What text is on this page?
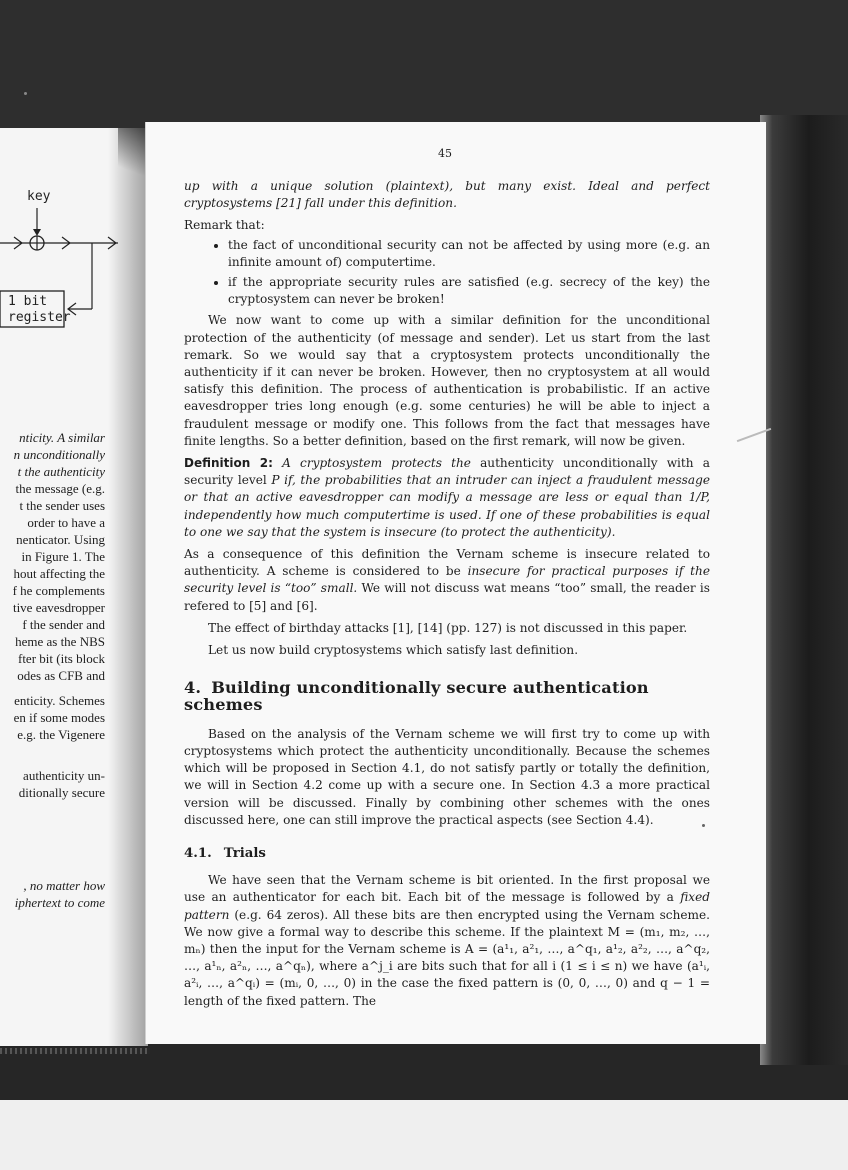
key
1 bit
register
nticity. A similar
n unconditionally
t the authenticity
the message (e.g.
t the sender uses
order to have a
nenticator. Using
in Figure 1. The
hout affecting the
f he complements
tive eavesdropper
f the sender and
heme as the NBS
fter bit (its block
odes as CFB and
enticity. Schemes
en if some modes
e.g. the Vigenere
authenticity un-
ditionally secure
, no matter how
iphertext to come
45

up with a unique solution (plaintext), but many exist. Ideal and perfect cryptosystems [21] fall under this definition.

Remark that:

• the fact of unconditional security can not be affected by using more (e.g. an infinite amount of) computertime.
• if the appropriate security rules are satisfied (e.g. secrecy of the key) the cryptosystem can never be broken!

We now want to come up with a similar definition for the unconditional protection of the authenticity (of message and sender). Let us start from the last remark. So we would say that a cryptosystem protects unconditionally the authenticity if it can never be broken. However, then no cryptosystem at all would satisfy this definition. The process of authentication is probabilistic. If an active eavesdropper tries long enough (e.g. some centuries) he will be able to inject a fraudulent message or modify one. This follows from the fact that messages have finite lengths. So a better definition, based on the first remark, will now be given.

Definition 2: A cryptosystem protects the authenticity unconditionally with a security level P if, the probabilities that an intruder can inject a fraudulent message or that an active eavesdropper can modify a message are less or equal than 1/P, independently how much computertime is used. If one of these probabilities is equal to one we say that the system is insecure (to protect the authenticity).

As a consequence of this definition the Vernam scheme is insecure related to authenticity. A scheme is considered to be insecure for practical purposes if the security level is “too” small. We will not discuss wat means “too” small, the reader is refered to [5] and [6].

The effect of birthday attacks [1], [14] (pp. 127) is not discussed in this paper.

Let us now build cryptosystems which satisfy last definition.

4. Building unconditionally secure authentication schemes

Based on the analysis of the Vernam scheme we will first try to come up with cryptosystems which protect the authenticity unconditionally. Because the schemes which will be proposed in Section 4.1, do not satisfy partly or totally the definition, we will in Section 4.2 come up with a secure one. In Section 4.3 a more practical version will be discussed. Finally by combining other schemes with the ones discussed here, one can still improve the practical aspects (see Section 4.4).

4.1. Trials

We have seen that the Vernam scheme is bit oriented. In the first proposal we use an authenticator for each bit. Each bit of the message is followed by a fixed pattern (e.g. 64 zeros). All these bits are then encrypted using the Vernam scheme. We now give a formal way to describe this scheme. If the plaintext M = (m₁, m₂, …, mₙ) then the input for the Vernam scheme is A = (a¹₁, a²₁, …, a^q₁, a¹₂, a²₂, …, a^q₂, …, a¹ₙ, a²ₙ, …, a^qₙ), where a^j_i are bits such that for all i (1 ≤ i ≤ n) we have (a¹ᵢ, a²ᵢ, …, a^qᵢ) = (mᵢ, 0, …, 0) in the case the fixed pattern is (0, 0, …, 0) and q − 1 = length of the fixed pattern. The
